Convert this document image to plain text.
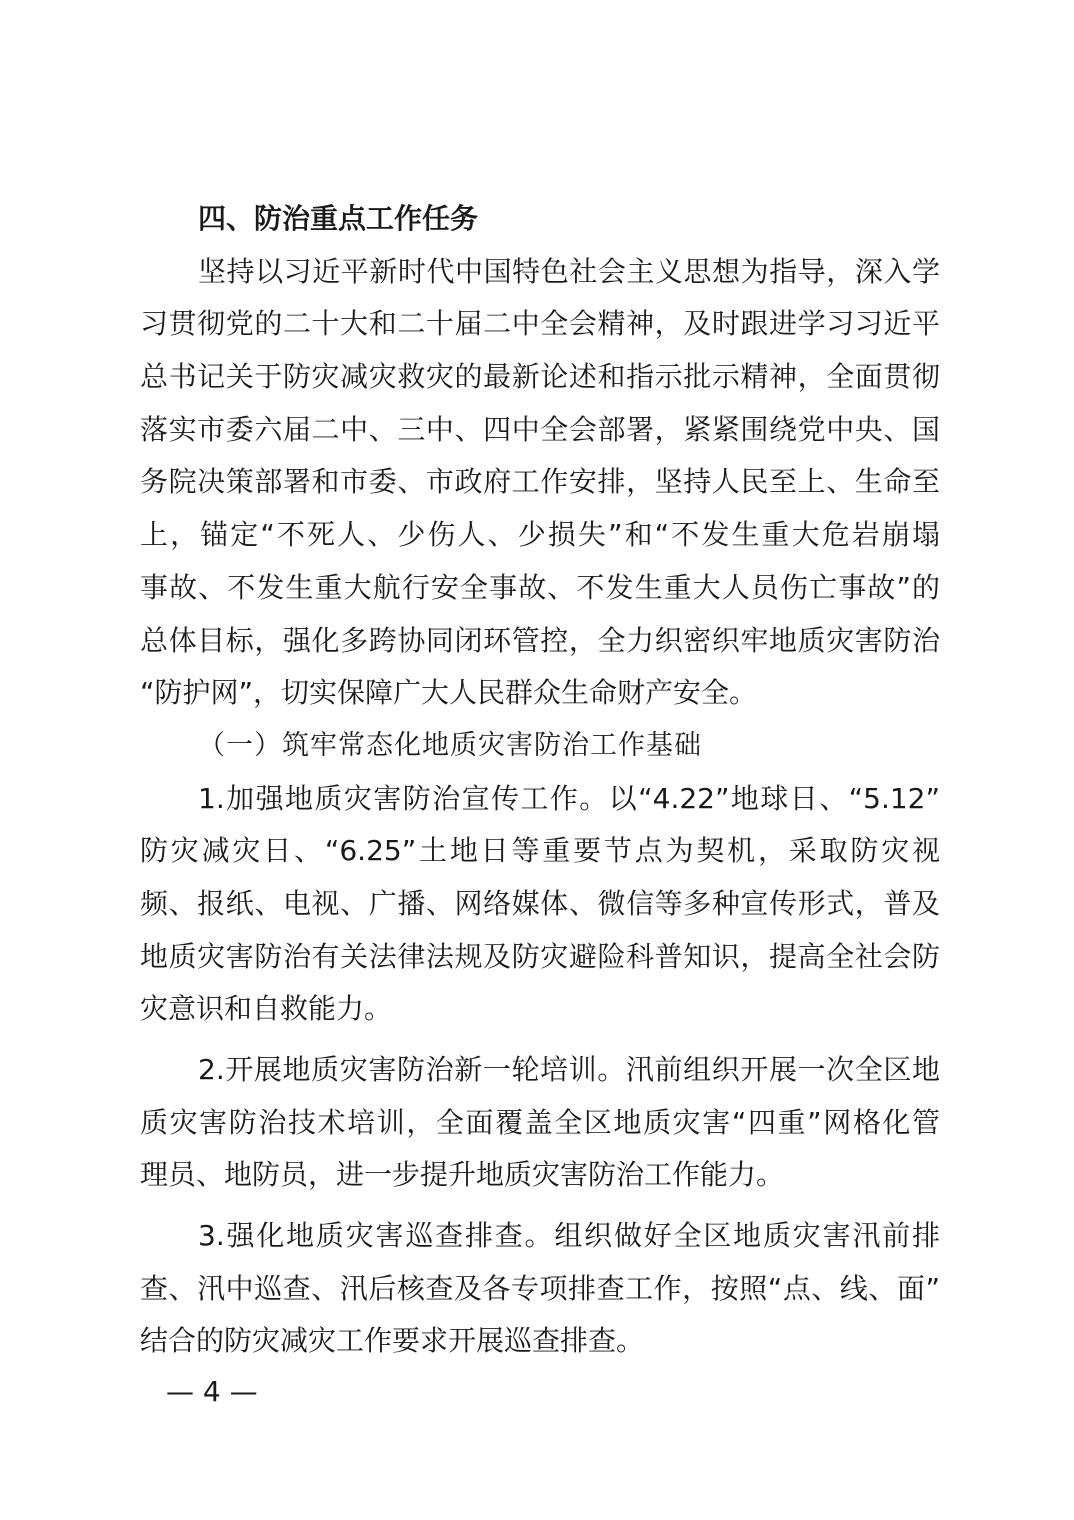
四、防治重点工作任务
坚持以习近平新时代中国特色社会主义思想为指导，深入学
习贯彻党的二十大和二十届二中全会精神，及时跟进学习习近平
总书记关于防灾减灾救灾的最新论述和指示批示精神，全面贯彻
落实市委六届二中、三中、四中全会部署，紧紧围绕党中央、国
务院决策部署和市委、市政府工作安排，坚持人民至上、生命至
上，锚定“不死人、少伤人、少损失”和“不发生重大危岩崩塌
事故、不发生重大航行安全事故、不发生重大人员伤亡事故”的
总体目标，强化多跨协同闭环管控，全力织密织牢地质灾害防治
“防护网”，切实保障广大人民群众生命财产安全。
（一）筑牢常态化地质灾害防治工作基础
1.加强地质灾害防治宣传工作。以“4.22”地球日、“5.12”
防灾减灾日、“6.25”土地日等重要节点为契机，采取防灾视
频、报纸、电视、广播、网络媒体、微信等多种宣传形式，普及
地质灾害防治有关法律法规及防灾避险科普知识，提高全社会防
灾意识和自救能力。
2.开展地质灾害防治新一轮培训。汛前组织开展一次全区地
质灾害防治技术培训，全面覆盖全区地质灾害“四重”网格化管
理员、地防员，进一步提升地质灾害防治工作能力。
3.强化地质灾害巡查排查。组织做好全区地质灾害汛前排
查、汛中巡查、汛后核查及各专项排查工作，按照“点、线、面”
结合的防灾减灾工作要求开展巡查排查。
— 4 —
